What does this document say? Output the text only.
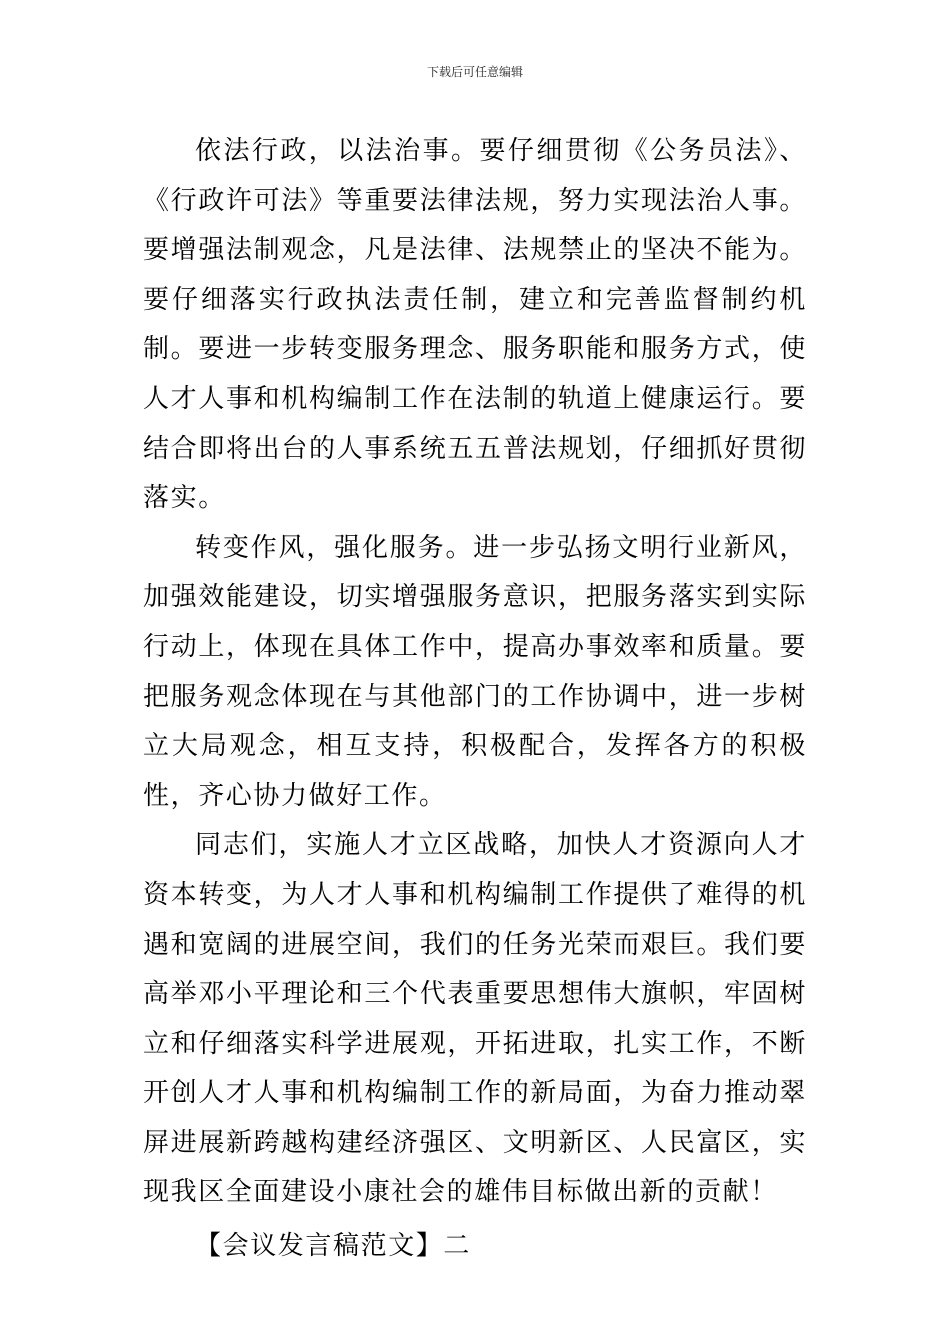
下载后可任意编辑

依法行政，以法治事。要仔细贯彻《公务员法》、《行政许可法》等重要法律法规，努力实现法治人事。要增强法制观念，凡是法律、法规禁止的坚决不能为。要仔细落实行政执法责任制，建立和完善监督制约机制。要进一步转变服务理念、服务职能和服务方式，使人才人事和机构编制工作在法制的轨道上健康运行。要结合即将出台的人事系统五五普法规划，仔细抓好贯彻落实。

转变作风，强化服务。进一步弘扬文明行业新风，加强效能建设，切实增强服务意识，把服务落实到实际行动上，体现在具体工作中，提高办事效率和质量。要把服务观念体现在与其他部门的工作协调中，进一步树立大局观念，相互支持，积极配合，发挥各方的积极性，齐心协力做好工作。

同志们，实施人才立区战略，加快人才资源向人才资本转变，为人才人事和机构编制工作提供了难得的机遇和宽阔的进展空间，我们的任务光荣而艰巨。我们要高举邓小平理论和三个代表重要思想伟大旗帜，牢固树立和仔细落实科学进展观，开拓进取，扎实工作，不断开创人才人事和机构编制工作的新局面，为奋力推动翠屏进展新跨越构建经济强区、文明新区、人民富区，实现我区全面建设小康社会的雄伟目标做出新的贡献！

【会议发言稿范文】二
